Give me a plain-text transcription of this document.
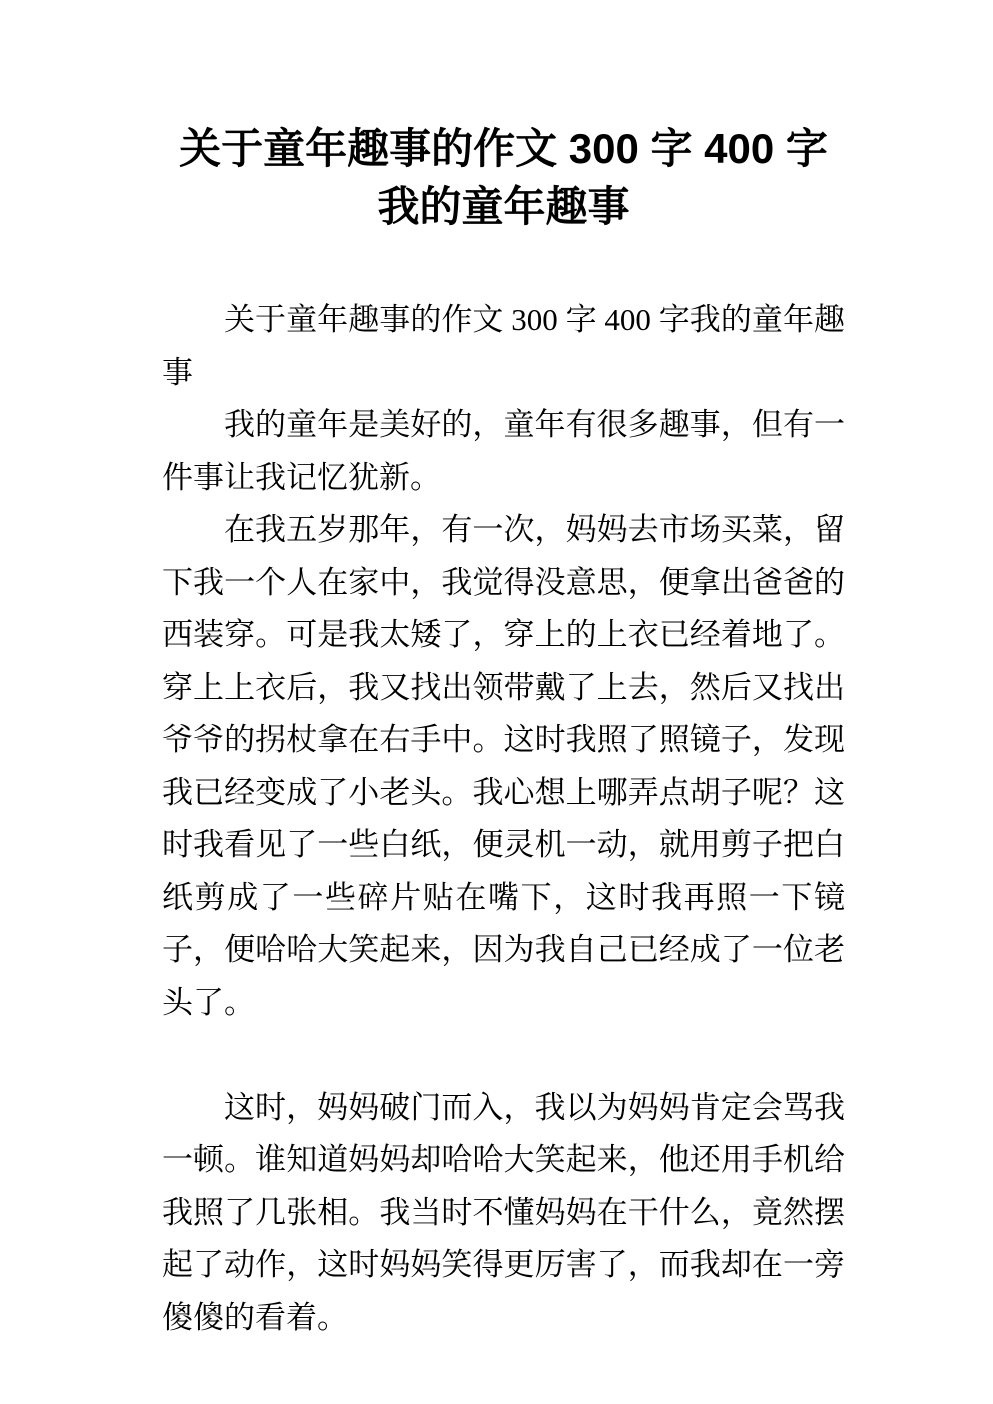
关于童年趣事的作文 300 字 400 字我的童年趣事

关于童年趣事的作文 300 字 400 字我的童年趣事

我的童年是美好的，童年有很多趣事，但有一件事让我记忆犹新。

在我五岁那年，有一次，妈妈去市场买菜，留下我一个人在家中，我觉得没意思，便拿出爸爸的西装穿。可是我太矮了，穿上的上衣已经着地了。穿上上衣后，我又找出领带戴了上去，然后又找出爷爷的拐杖拿在右手中。这时我照了照镜子，发现我已经变成了小老头。我心想上哪弄点胡子呢？这时我看见了一些白纸，便灵机一动，就用剪子把白纸剪成了一些碎片贴在嘴下，这时我再照一下镜子，便哈哈大笑起来，因为我自己已经成了一位老头了。

这时，妈妈破门而入，我以为妈妈肯定会骂我一顿。谁知道妈妈却哈哈大笑起来，他还用手机给我照了几张相。我当时不懂妈妈在干什么，竟然摆起了动作，这时妈妈笑得更厉害了，而我却在一旁傻傻的看着。
